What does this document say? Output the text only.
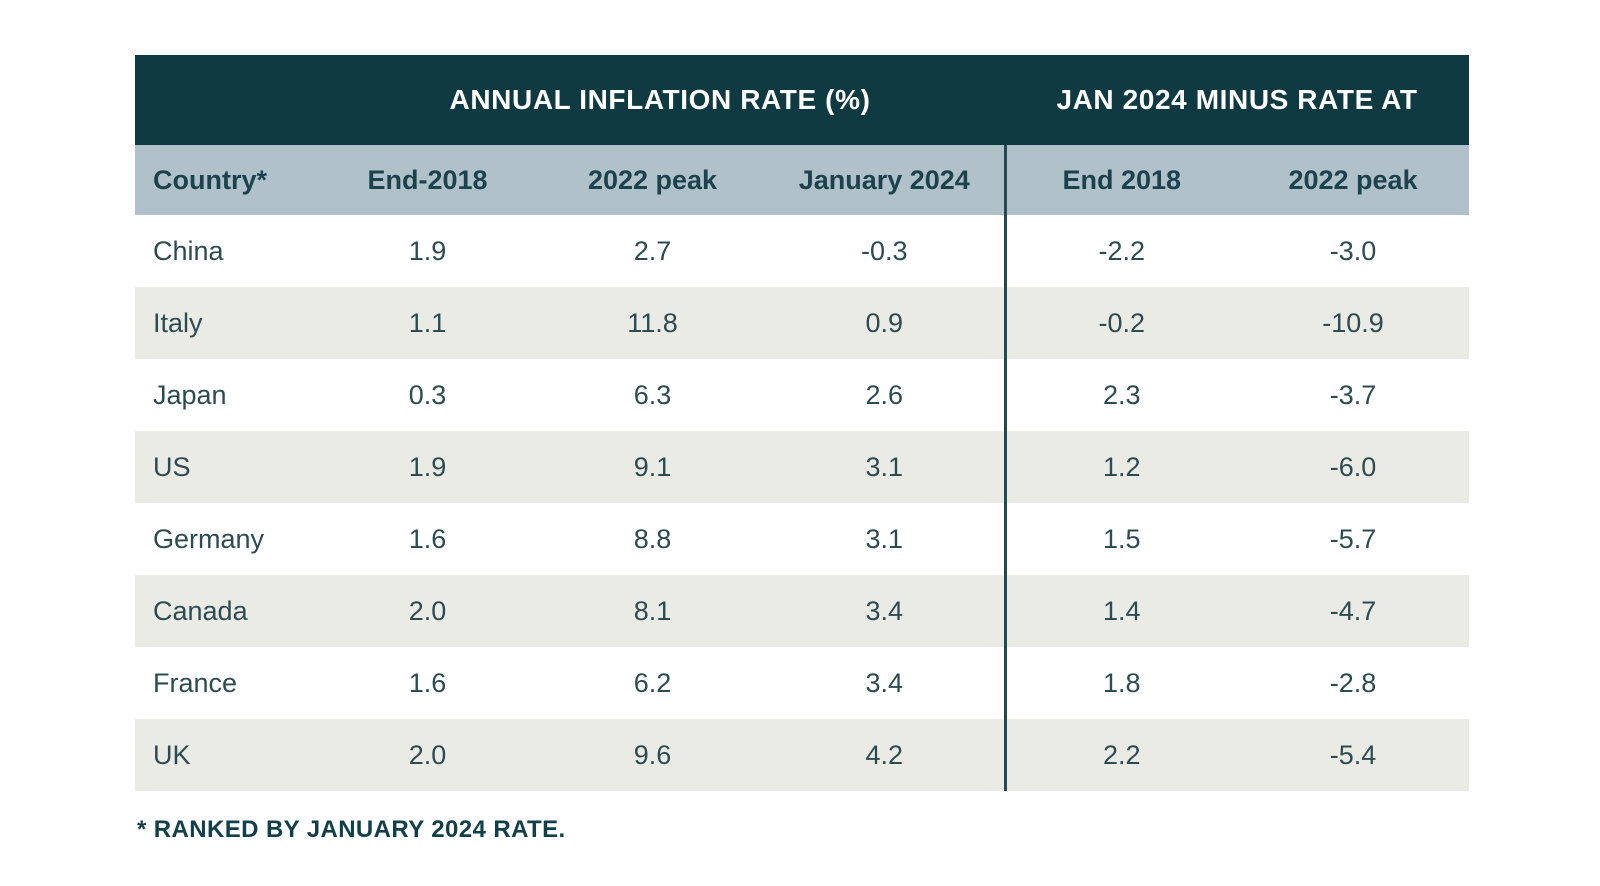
	ANNUAL INFLATION RATE (%)			JAN 2024 MINUS RATE AT	
Country*	End-2018	2022 peak	January 2024	End 2018	2022 peak
China	1.9	2.7	-0.3	-2.2	-3.0
Italy	1.1	11.8	0.9	-0.2	-10.9
Japan	0.3	6.3	2.6	2.3	-3.7
US	1.9	9.1	3.1	1.2	-6.0
Germany	1.6	8.8	3.1	1.5	-5.7
Canada	2.0	8.1	3.4	1.4	-4.7
France	1.6	6.2	3.4	1.8	-2.8
UK	2.0	9.6	4.2	2.2	-5.4
* RANKED BY JANUARY 2024 RATE.
